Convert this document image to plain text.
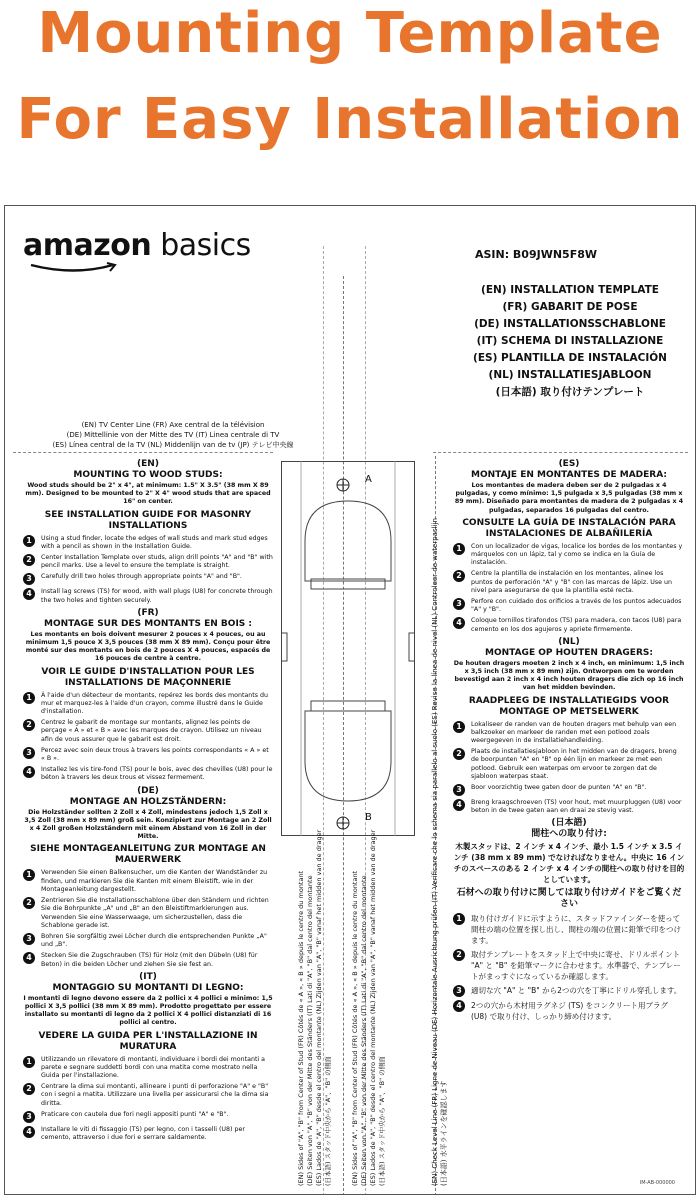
Mounting Template
For Easy Installation
amazon basics	ASIN: B09JWN5F8W
(EN) INSTALLATION TEMPLATE
(FR) GABARIT DE POSE
(DE) INSTALLATIONSSCHABLONE
(IT) SCHEMA DI INSTALLAZIONE
(ES) PLANTILLA DE INSTALACIÓN
(NL) INSTALLATIESJABLOON
(日本語) 取り付けテンプレート
(EN) TV Center Line (FR) Axe central de la télévision
(DE) Mittellinie von der Mitte des TV (IT) Linea centrale di TV
(ES) Línea central de la TV (NL) Middenlijn van de tv (JP) テレビ中央線
A
B
(EN)
MOUNTING TO WOOD STUDS:
Wood studs should be 2" x 4", at minimum: 1.5" X 3.5" (38 mm X 89 mm). Designed to be mounted to 2" X 4" wood studs that are spaced 16" on center.
SEE INSTALLATION GUIDE FOR MASONRY INSTALLATIONS
1	Using a stud finder, locate the edges of wall studs and mark stud edges with a pencil as shown in the Installation Guide.
2	Center Installation Template over studs, align drill points "A" and "B" with pencil marks. Use a level to ensure the template is straight.
3	Carefully drill two holes through appropriate points "A" and "B".
4	Install lag screws (TS) for wood, with wall plugs (U8) for concrete through the two holes and tighten securely.
(FR)
MONTAGE SUR DES MONTANTS EN BOIS :
Les montants en bois doivent mesurer 2 pouces x 4 pouces, ou au minimum 1,5 pouce X 3,5 pouces (38 mm X 89 mm). Conçu pour être monté sur des montants en bois de 2 pouces X 4 pouces, espacés de 16 pouces de centre à centre.
VOIR LE GUIDE D'INSTALLATION POUR LES INSTALLATIONS DE MAÇONNERIE
1	À l'aide d'un détecteur de montants, repérez les bords des montants du mur et marquez-les à l'aide d'un crayon, comme illustré dans le Guide d'installation.
2	Centrez le gabarit de montage sur montants, alignez les points de perçage « A » et « B » avec les marques de crayon. Utilisez un niveau afin de vous assurer que le gabarit est droit.
3	Percez avec soin deux trous à travers les points correspondants « A » et « B ».
4	Installez les vis tire-fond (TS) pour le bois, avec des chevilles (U8) pour le béton à travers les deux trous et vissez fermement.
(DE)
MONTAGE AN HOLZSTÄNDERN:
Die Holzständer sollten 2 Zoll x 4 Zoll, mindestens jedoch 1,5 Zoll x 3,5 Zoll (38 mm x 89 mm) groß sein. Konzipiert zur Montage an 2 Zoll x 4 Zoll großen Holzständern mit einem Abstand von 16 Zoll in der Mitte.
SIEHE MONTAGEANLEITUNG ZUR MONTAGE AN MAUERWERK
1	Verwenden Sie einen Balkensucher, um die Kanten der Wandständer zu finden, und markieren Sie die Kanten mit einem Bleistift, wie in der Montageanleitung dargestellt.
2	Zentrieren Sie die Installationsschablone über den Ständern und richten Sie die Bohrpunkte „A" und „B" an den Bleistiftmarkierungen aus. Verwenden Sie eine Wasserwaage, um sicherzustellen, dass die Schablone gerade ist.
3	Bohren Sie sorgfältig zwei Löcher durch die entsprechenden Punkte „A" und „B".
4	Stecken Sie die Zugschrauben (TS) für Holz (mit den Dübeln (U8) für Beton) in die beiden Löcher und ziehen Sie sie fest an.
(IT)
MONTAGGIO SU MONTANTI DI LEGNO:
I montanti di legno devono essere da 2 pollici x 4 pollici e minimo: 1,5 pollici X 3,5 pollici (38 mm X 89 mm). Prodotto progettato per essere installato su montanti di legno da 2 pollici X 4 pollici distanziati di 16 pollici al centro.
VEDERE LA GUIDA PER L'INSTALLAZIONE IN MURATURA
1	Utilizzando un rilevatore di montanti, individuare i bordi dei montanti a parete e segnare suddetti bordi con una matita come mostrato nella Guida per l'installazione.
2	Centrare la dima sui montanti, allineare i punti di perforazione "A" e "B" con i segni a matita. Utilizzare una livella per assicurarsi che la dima sia diritta.
3	Praticare con cautela due fori negli appositi punti "A" e "B".
4	Installare le viti di fissaggio (TS) per legno, con i tasselli (U8) per cemento, attraverso i due fori e serrare saldamente.
(ES)
MONTAJE EN MONTANTES DE MADERA:
Los montantes de madera deben ser de 2 pulgadas x 4 pulgadas, y como mínimo: 1,5 pulgada x 3,5 pulgadas (38 mm x 89 mm). Diseñado para montantes de madera de 2 pulgadas x 4 pulgadas, separados 16 pulgadas del centro.
CONSULTE LA GUÍA DE INSTALACIÓN PARA INSTALACIONES DE ALBAÑILERÍA
1	Con un localizador de vigas, localice los bordes de los montantes y márquelos con un lápiz, tal y como se indica en la Guía de instalación.
2	Centre la plantilla de instalación en los montantes, alinee los puntos de perforación "A" y "B" con las marcas de lápiz. Use un nivel para asegurarse de que la plantilla esté recta.
3	Perfore con cuidado dos orificios a través de los puntos adecuados "A" y "B".
4	Coloque tornillos tirafondos (TS) para madera, con tacos (U8) para cemento en los dos agujeros y apriete firmemente.
(NL)
MONTAGE OP HOUTEN DRAGERS:
De houten dragers moeten 2 inch x 4 inch, en minimum: 1,5 inch x 3,5 inch (38 mm x 89 mm) zijn. Ontworpen om te worden bevestigd aan 2 inch x 4 inch houten dragers die zich op 16 inch van het midden bevinden.
RAADPLEEG DE INSTALLATIEGIDS VOOR MONTAGE OP METSELWERK
1	Lokaliseer de randen van de houten dragers met behulp van een balkzoeker en markeer de randen met een potlood zoals weergegeven in de installatiehandleiding.
2	Plaats de installatiesjabloon in het midden van de dragers, breng de boorpunten "A" en "B" op één lijn en markeer ze met een potlood. Gebruik een waterpas om ervoor te zorgen dat de sjabloon waterpas staat.
3	Boor voorzichtig twee gaten door de punten "A" en "B".
4	Breng kraagschroeven (TS) voor hout, met muurpluggen (U8) voor beton in de twee gaten aan en draai ze stevig vast.
(日本語)
間柱への取り付け:
木製スタッドは、2 インチ x 4 インチ、最小 1.5 インチ x 3.5 インチ (38 mm x 89 mm) でなければなりません。中央に 16 インチのスペースのある 2 インチ x 4 インチの間柱への取り付けを目的としています。
石材への取り付けに関しては取り付けガイドをご覧ください
1	取り付けガイドに示すように、スタッドファインダーを使って間柱の端の位置を探し出し、間柱の端の位置に鉛筆で印をつけます。
2	取付テンプレートをスタッド上で中央に寄せ、ドリルポイント "A" と "B" を鉛筆マークに合わせます。水準器で、テンプレートがまっすぐになっているか確認します。
3	適切な穴 "A" と "B" から2つの穴を丁寧にドリル穿孔します。
4	2つの穴から木材用ラグネジ (TS) をコンクリート用プラグ (U8) で取り付け、しっかり締め付けます。
(EN) Sides of "A", "B" from Center of Stud (FR) Côtés de « A », « B » depuis le centre du montant (DE) Seiten von "A", "B" von der Mitte des Ständers (IT) Lati di "A", "B" dal centro del montante (ES) Lados de "A", "B" desde el centro del montante (NL) Zijden van "A", "B" vanaf het midden van de drager (日本語) スタッド中央から "A"、"B" の側面	(EN) Sides of "A", "B" from Center of Stud (FR) Côtés de « A », « B » depuis le centre du montant (DE) Seiten von "A", "B" von der Mitte des Ständers (IT) Lati di "A", "B" dal centro del montante (ES) Lados de "A", "B" desde el centro del montante (NL) Zijden van "A", "B" vanaf het midden van de drager (日本語) スタッド中央から "A"、"B" の側面	(EN) Check Level Line (FR) Ligne de Niveau (DE) Horizontale Ausrichtung prüfen (IT) Verificare che lo schema sia parallelo al suolo (ES) Revise la línea de nivel (NL) Controleer de waterpaslijn (日本語) 水平ラインを確認します	IM-AB-000000
